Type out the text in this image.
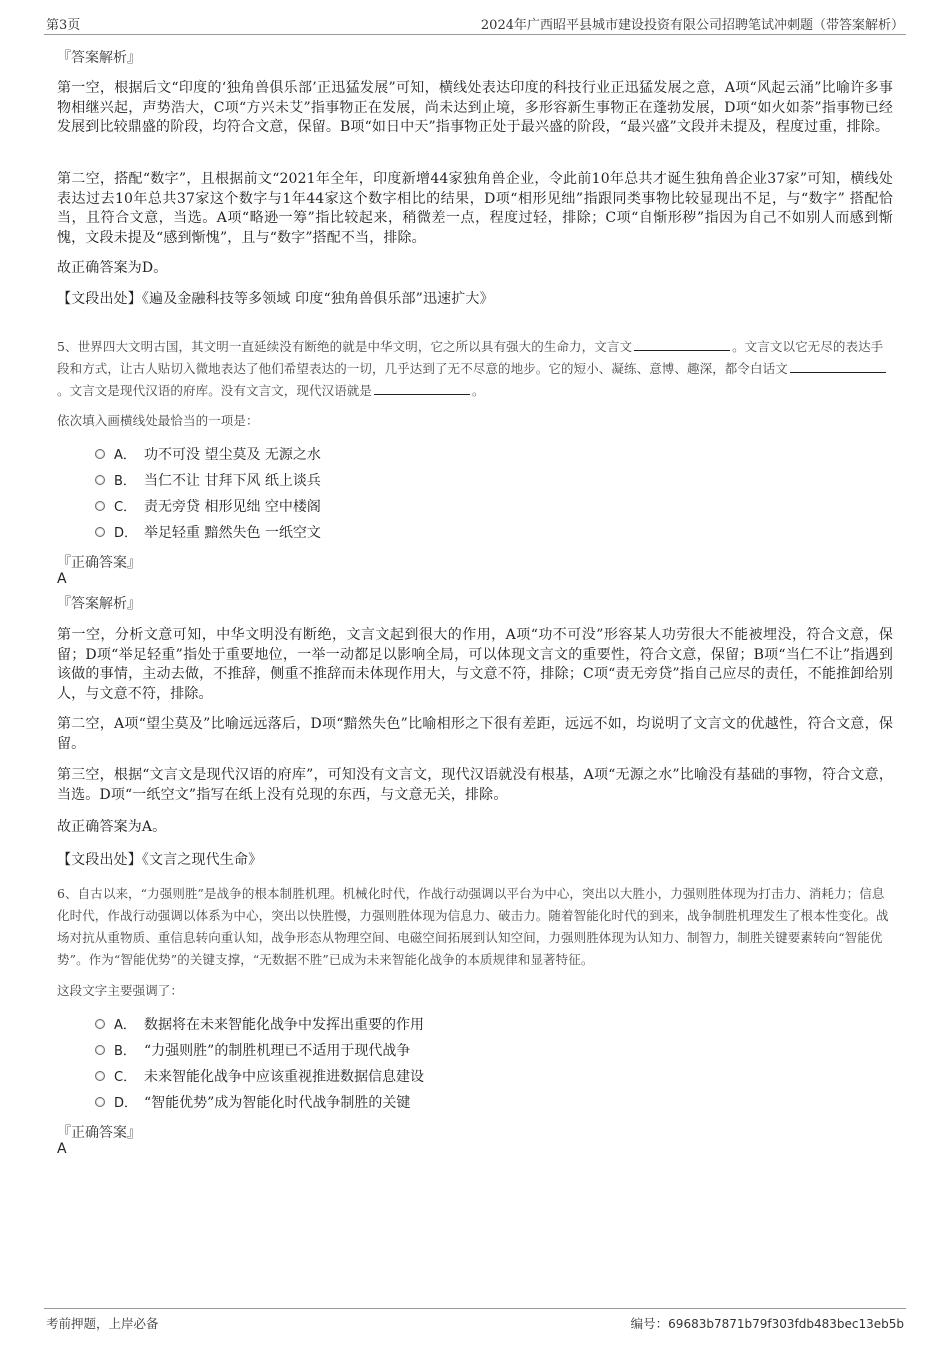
第3页	2024年广西昭平县城市建设投资有限公司招聘笔试冲刺题（带答案解析）
『答案解析』
第一空，根据后文“印度的‘独角兽俱乐部’正迅猛发展”可知，横线处表达印度的科技行业正迅猛发展之意，A项“风起云涌”比喻许多事物相继兴起，声势浩大，C项“方兴未艾”指事物正在发展，尚未达到止境，多形容新生事物正在蓬勃发展，D项“如火如荼”指事物已经发展到比较鼎盛的阶段，均符合文意，保留。B项“如日中天”指事物正处于最兴盛的阶段，“最兴盛”文段并未提及，程度过重，排除。
第二空，搭配“数字”，且根据前文“2021年全年，印度新增44家独角兽企业，令此前10年总共才诞生独角兽企业37家”可知，横线处表达过去10年总共37家这个数字与1年44家这个数字相比的结果，D项“相形见绌”指跟同类事物比较显现出不足，与“数字” 搭配恰当，且符合文意，当选。A项“略逊一筹”指比较起来，稍微差一点，程度过轻，排除；C项“自惭形秽”指因为自己不如别人而感到惭愧，文段未提及“感到惭愧”，且与“数字”搭配不当，排除。
故正确答案为D。
【文段出处】《遍及金融科技等多领域 印度“独角兽俱乐部”迅速扩大》
5、世界四大文明古国，其文明一直延续没有断绝的就是中华文明，它之所以具有强大的生命力，文言文	。文言文以它无尽的表达手段和方式，让古人贴切入微地表达了他们希望表达的一切，几乎达到了无不尽意的地步。它的短小、凝练、意博、趣深，都令白话文。文言文是现代汉语的府库。没有文言文，现代汉语就是	。
依次填入画横线处最恰当的一项是：
A． 功不可没 望尘莫及 无源之水
B． 当仁不让 甘拜下风 纸上谈兵
C． 责无旁贷 相形见绌 空中楼阁
D． 举足轻重 黯然失色 一纸空文
『正确答案』
A
『答案解析』
第一空，分析文意可知，中华文明没有断绝，文言文起到很大的作用，A项“功不可没”形容某人功劳很大不能被埋没，符合文意，保留；D项“举足轻重”指处于重要地位，一举一动都足以影响全局，可以体现文言文的重要性，符合文意，保留；B项“当仁不让”指遇到该做的事情，主动去做，不推辞，侧重不推辞而未体现作用大，与文意不符，排除；C项“责无旁贷”指自己应尽的责任，不能推卸给别人，与文意不符，排除。
第二空，A项“望尘莫及”比喻远远落后，D项“黯然失色”比喻相形之下很有差距，远远不如，均说明了文言文的优越性，符合文意，保留。
第三空，根据“文言文是现代汉语的府库”，可知没有文言文，现代汉语就没有根基，A项“无源之水”比喻没有基础的事物，符合文意，当选。D项“一纸空文”指写在纸上没有兑现的东西，与文意无关，排除。
故正确答案为A。
【文段出处】《文言之现代生命》
6、自古以来，“力强则胜”是战争的根本制胜机理。机械化时代，作战行动强调以平台为中心，突出以大胜小，力强则胜体现为打击力、消耗力；信息化时代，作战行动强调以体系为中心，突出以快胜慢，力强则胜体现为信息力、破击力。随着智能化时代的到来，战争制胜机理发生了根本性变化。战场对抗从重物质、重信息转向重认知，战争形态从物理空间、电磁空间拓展到认知空间，力强则胜体现为认知力、制智力，制胜关键要素转向“智能优势”。作为“智能优势”的关键支撑，“无数据不胜”已成为未来智能化战争的本质规律和显著特征。
这段文字主要强调了：
A． 数据将在未来智能化战争中发挥出重要的作用
B． “力强则胜”的制胜机理已不适用于现代战争
C． 未来智能化战争中应该重视推进数据信息建设
D． “智能优势”成为智能化时代战争制胜的关键
『正确答案』
A
考前押题，上岸必备	编号：69683b7871b79f303fdb483bec13eb5b
